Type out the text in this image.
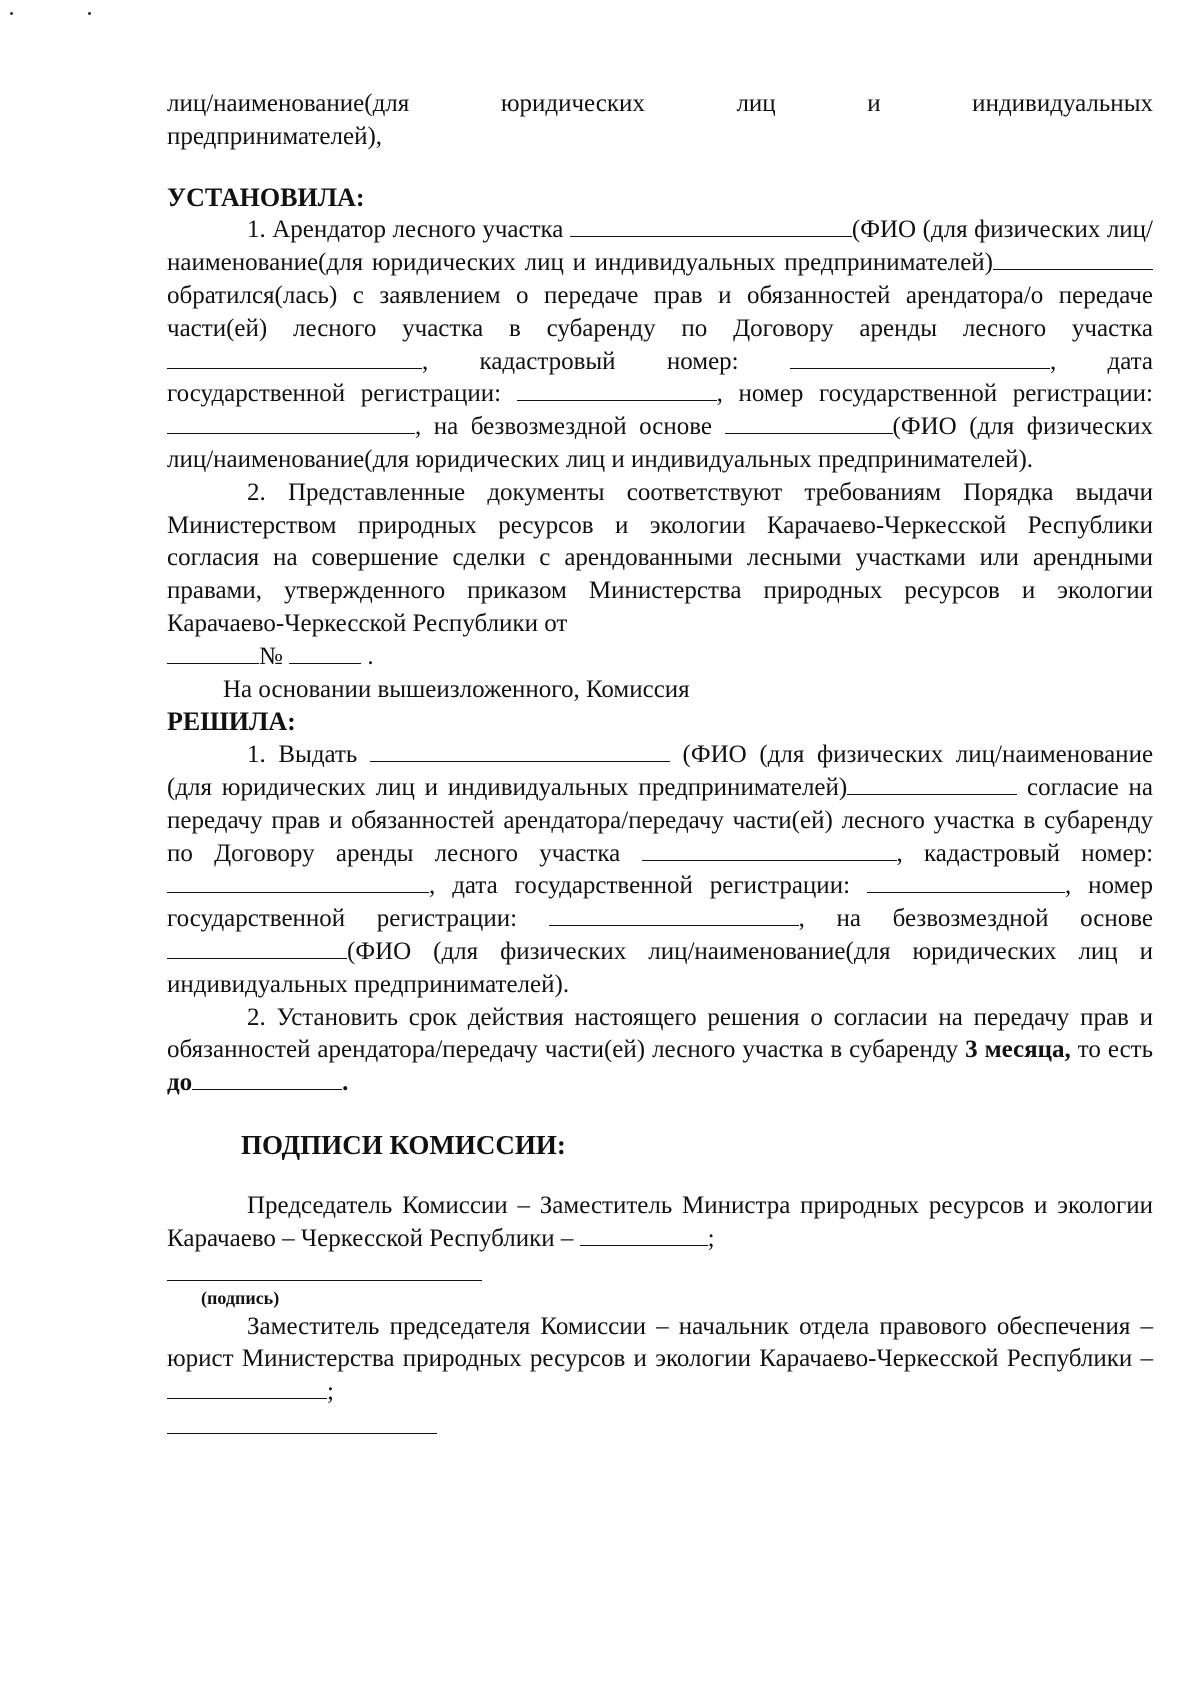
лиц/наименование(для юридических лиц и индивидуальных

предпринимателей),

УСТАНОВИЛА:

1. Арендатор лесного участка	(ФИО (для физических лиц/наименование(для юридических лиц и индивидуальных предпринимателей) обратился(лась) с заявлением о передаче прав и обязанностей арендатора/о передаче части(ей) лесного участка в субаренду по Договору аренды лесного участка , кадастровый номер:	, дата государственной регистрации:	, номер государственной регистрации: , на безвозмездной основе	(ФИО (для физических лиц/наименование(для юридических лиц и индивидуальных предпринимателей).

2. Представленные документы соответствуют требованиям Порядка выдачи Министерством природных ресурсов и экологии Карачаево-Черкесской Республики согласия на совершение сделки с арендованными лесными участками или арендными правами, утвержденного приказом Министерства природных ресурсов и экологии Карачаево-Черкесской Республики от

№	.

На основании вышеизложенного, Комиссия

РЕШИЛА:

1. Выдать	(ФИО (для физических лиц/наименование (для юридических лиц и индивидуальных предпринимателей)	согласие на передачу прав и обязанностей арендатора/передачу части(ей) лесного участка в субаренду по Договору аренды лесного участка	, кадастровый номер: , дата государственной регистрации:	, номер государственной регистрации:	, на безвозмездной основе (ФИО (для физических лиц/наименование(для юридических лиц и индивидуальных предпринимателей).

2. Установить срок действия настоящего решения о согласии на передачу прав и обязанностей арендатора/передачу части(ей) лесного участка в субаренду 3 месяца, то есть до	.

ПОДПИСИ КОМИССИИ:

Председатель Комиссии – Заместитель Министра природных ресурсов и экологии Карачаево – Черкесской Республики –	;

(подпись)

Заместитель председателя Комиссии – начальник отдела правового обеспечения – юрист Министерства природных ресурсов и экологии Карачаево-Черкесской Республики –;
